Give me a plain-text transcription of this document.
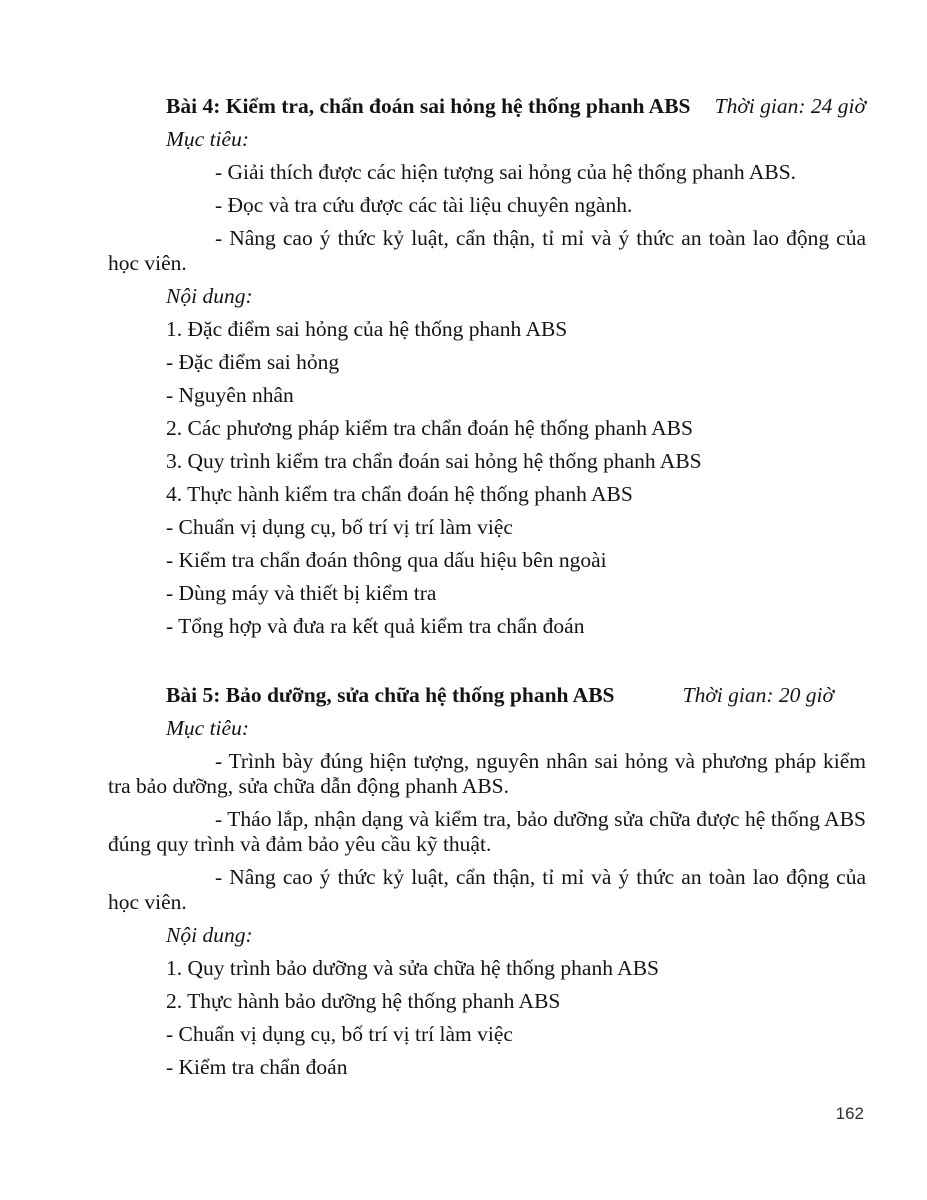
Bài 4: Kiểm tra, chẩn đoán sai hỏng hệ thống phanh ABS Thời gian: 24 giờ

Mục tiêu:

- Giải thích được các hiện tượng sai hỏng của hệ thống phanh ABS.

- Đọc và tra cứu được các tài liệu chuyên ngành.

- Nâng cao ý thức kỷ luật, cẩn thận, tỉ mỉ và ý thức an toàn lao động của học viên.

Nội dung:

1. Đặc điểm sai hỏng của hệ thống phanh ABS

- Đặc điểm sai hỏng

- Nguyên nhân

2. Các phương pháp kiểm tra chẩn đoán hệ thống phanh ABS

3. Quy trình kiểm tra chẩn đoán sai hỏng hệ thống phanh ABS

4. Thực hành kiểm tra chẩn đoán hệ thống phanh ABS

- Chuẩn vị dụng cụ, bố trí vị trí làm việc

- Kiểm tra chẩn đoán thông qua dấu hiệu bên ngoài

- Dùng máy và thiết bị kiểm tra

- Tổng hợp và đưa ra kết quả kiểm tra chẩn đoán

Bài 5: Bảo dưỡng, sửa chữa hệ thống phanh ABS	Thời gian: 20 giờ

Mục tiêu:

- Trình bày đúng hiện tượng, nguyên nhân sai hỏng và phương pháp kiểm tra bảo dưỡng, sửa chữa dẫn động phanh ABS.

- Tháo lắp, nhận dạng và kiểm tra, bảo dưỡng sửa chữa được hệ thống ABS đúng quy trình và đảm bảo yêu cầu kỹ thuật.

- Nâng cao ý thức kỷ luật, cẩn thận, tỉ mỉ và ý thức an toàn lao động của học viên.

Nội dung:

1. Quy trình bảo dưỡng và sửa chữa hệ thống phanh ABS

2. Thực hành bảo dưỡng hệ thống phanh ABS

- Chuẩn vị dụng cụ, bố trí vị trí làm việc

- Kiểm tra chẩn đoán

162
